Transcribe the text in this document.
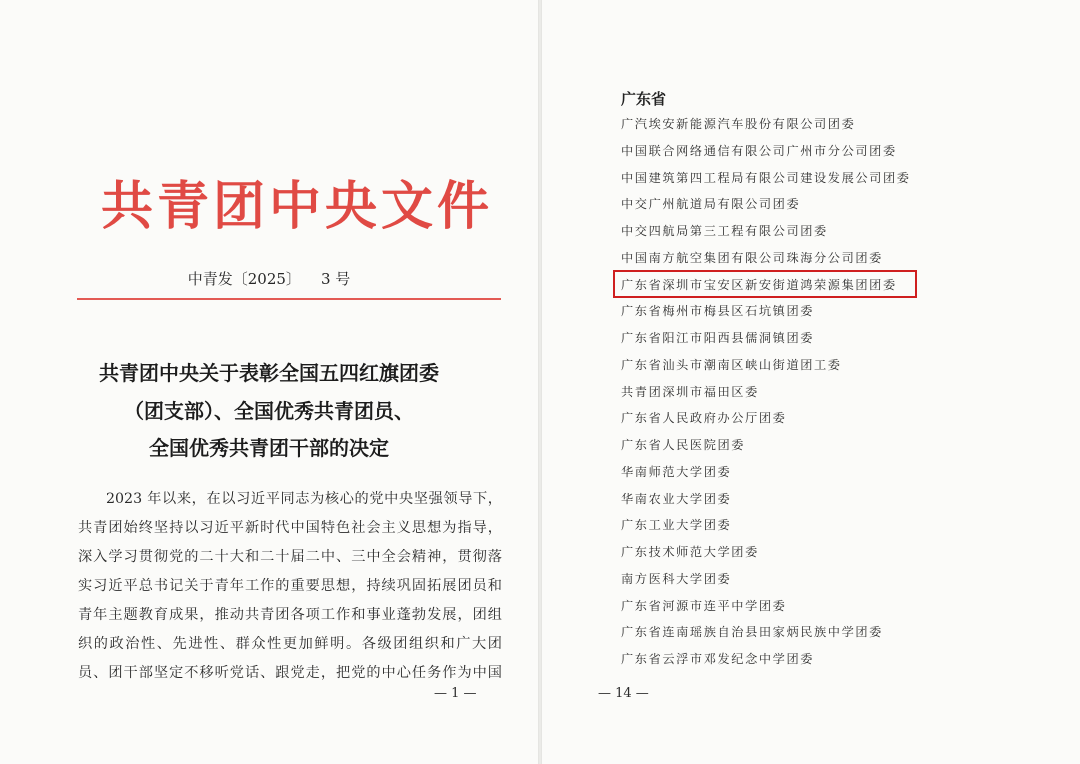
共青团中央文件
中青发〔2025〕 3 号
共青团中央关于表彰全国五四红旗团委
（团支部）、全国优秀共青团员、
全国优秀共青团干部的决定
2023 年以来，在以习近平同志为核心的党中央坚强领导下，
共青团始终坚持以习近平新时代中国特色社会主义思想为指导，
深入学习贯彻党的二十大和二十届二中、三中全会精神，贯彻落
实习近平总书记关于青年工作的重要思想，持续巩固拓展团员和
青年主题教育成果，推动共青团各项工作和事业蓬勃发展，团组
织的政治性、先进性、群众性更加鲜明。各级团组织和广大团
员、团干部坚定不移听党话、跟党走，把党的中心任务作为中国
— 1 —
广东省
广汽埃安新能源汽车股份有限公司团委
中国联合网络通信有限公司广州市分公司团委
中国建筑第四工程局有限公司建设发展公司团委
中交广州航道局有限公司团委
中交四航局第三工程有限公司团委
中国南方航空集团有限公司珠海分公司团委
广东省深圳市宝安区新安街道鸿荣源集团团委
广东省梅州市梅县区石坑镇团委
广东省阳江市阳西县儒洞镇团委
广东省汕头市潮南区峡山街道团工委
共青团深圳市福田区委
广东省人民政府办公厅团委
广东省人民医院团委
华南师范大学团委
华南农业大学团委
广东工业大学团委
广东技术师范大学团委
南方医科大学团委
广东省河源市连平中学团委
广东省连南瑶族自治县田家炳民族中学团委
广东省云浮市邓发纪念中学团委
— 14 —
